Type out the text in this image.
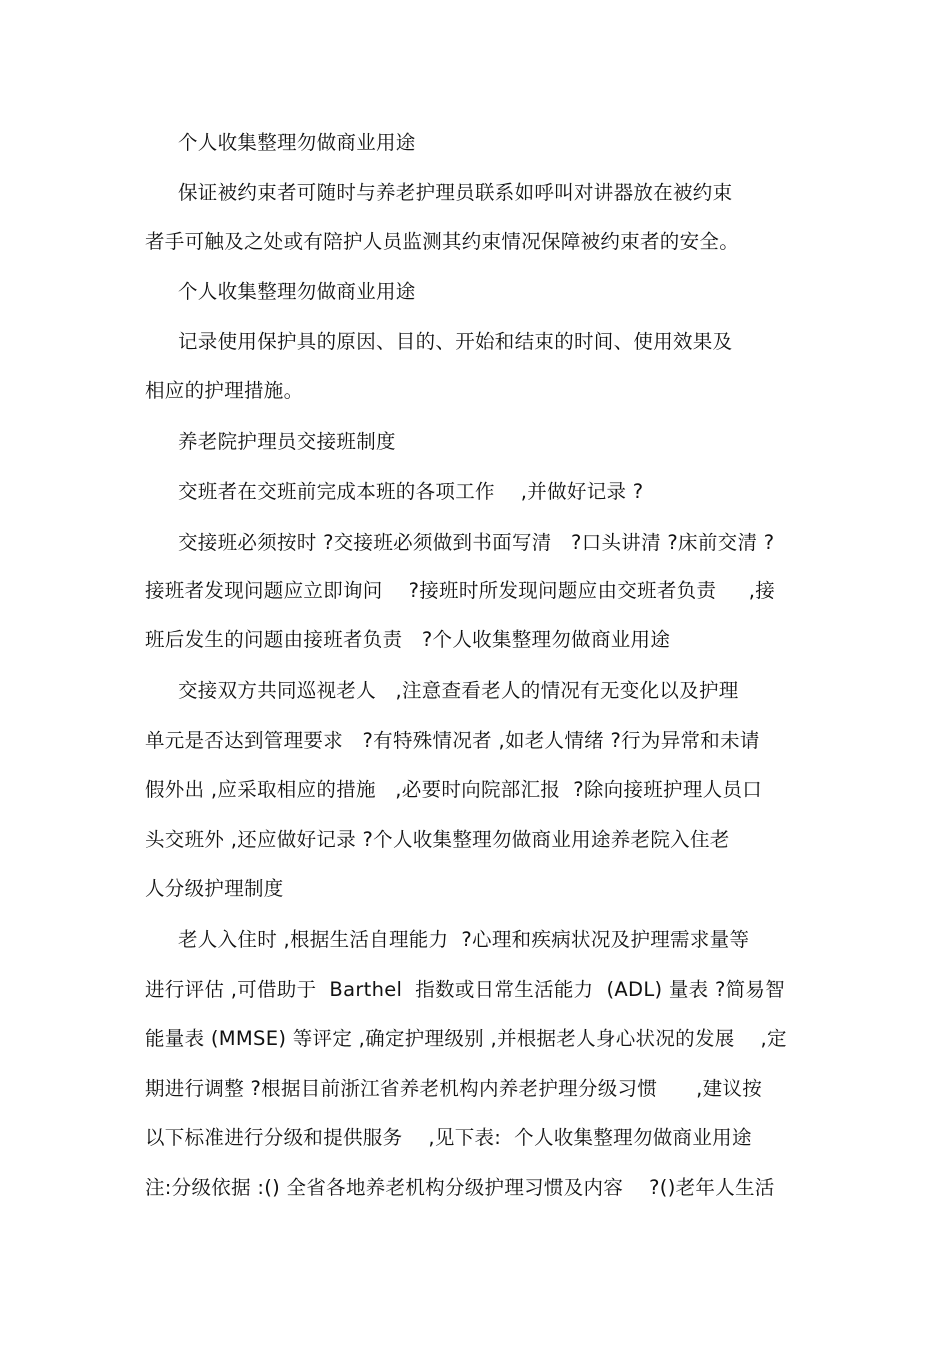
个人收集整理勿做商业用途
保证被约束者可随时与养老护理员联系如呼叫对讲器放在被约束
者手可触及之处或有陪护人员监测其约束情况保障被约束者的安全。
个人收集整理勿做商业用途
记录使用保护具的原因、目的、开始和结束的时间、使用效果及
相应的护理措施。
养老院护理员交接班制度
交班者在交班前完成本班的各项工作    ,并做好记录 ?
交接班必须按时 ?交接班必须做到书面写清   ?口头讲清 ?床前交清 ?
接班者发现问题应立即询问    ?接班时所发现问题应由交班者负责     ,接
班后发生的问题由接班者负责   ?个人收集整理勿做商业用途
交接双方共同巡视老人   ,注意查看老人的情况有无变化以及护理
单元是否达到管理要求   ?有特殊情况者 ,如老人情绪 ?行为异常和未请
假外出 ,应采取相应的措施   ,必要时向院部汇报  ?除向接班护理人员口
头交班外 ,还应做好记录 ?个人收集整理勿做商业用途养老院入住老
人分级护理制度
老人入住时 ,根据生活自理能力  ?心理和疾病状况及护理需求量等
进行评估 ,可借助于  Barthel  指数或日常生活能力  (ADL) 量表 ?简易智
能量表 (MMSE) 等评定 ,确定护理级别 ,并根据老人身心状况的发展    ,定
期进行调整 ?根据目前浙江省养老机构内养老护理分级习惯      ,建议按
以下标准进行分级和提供服务    ,见下表:  个人收集整理勿做商业用途
注:分级依据 :() 全省各地养老机构分级护理习惯及内容    ?()老年人生活
